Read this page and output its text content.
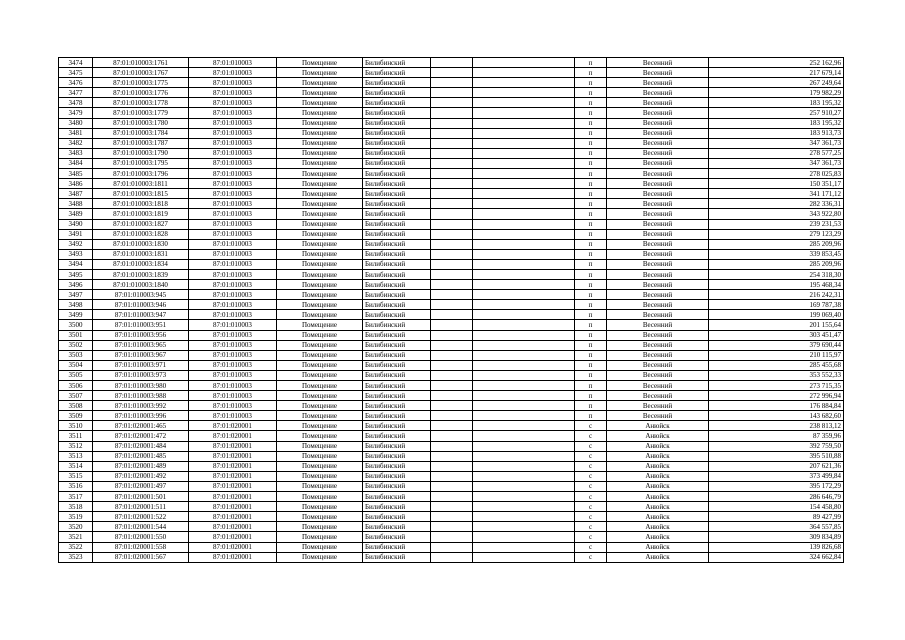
3474	87:01:010003:1761	87:01:010003	Помещение	Билибинский			п	Весенний	252 162,96
3475	87:01:010003:1767	87:01:010003	Помещение	Билибинский			п	Весенний	217 679,14
3476	87:01:010003:1775	87:01:010003	Помещение	Билибинский			п	Весенний	267 249,64
3477	87:01:010003:1776	87:01:010003	Помещение	Билибинский			п	Весенний	179 982,29
3478	87:01:010003:1778	87:01:010003	Помещение	Билибинский			п	Весенний	183 195,32
3479	87:01:010003:1779	87:01:010003	Помещение	Билибинский			п	Весенний	257 910,27
3480	87:01:010003:1780	87:01:010003	Помещение	Билибинский			п	Весенний	183 195,32
3481	87:01:010003:1784	87:01:010003	Помещение	Билибинский			п	Весенний	183 913,73
3482	87:01:010003:1787	87:01:010003	Помещение	Билибинский			п	Весенний	347 361,73
3483	87:01:010003:1790	87:01:010003	Помещение	Билибинский			п	Весенний	278 577,25
3484	87:01:010003:1795	87:01:010003	Помещение	Билибинский			п	Весенний	347 361,73
3485	87:01:010003:1796	87:01:010003	Помещение	Билибинский			п	Весенний	278 025,83
3486	87:01:010003:1811	87:01:010003	Помещение	Билибинский			п	Весенний	150 351,17
3487	87:01:010003:1815	87:01:010003	Помещение	Билибинский			п	Весенний	341 171,12
3488	87:01:010003:1818	87:01:010003	Помещение	Билибинский			п	Весенний	282 336,31
3489	87:01:010003:1819	87:01:010003	Помещение	Билибинский			п	Весенний	343 922,80
3490	87:01:010003:1827	87:01:010003	Помещение	Билибинский			п	Весенний	239 231,53
3491	87:01:010003:1828	87:01:010003	Помещение	Билибинский			п	Весенний	279 123,29
3492	87:01:010003:1830	87:01:010003	Помещение	Билибинский			п	Весенний	285 209,96
3493	87:01:010003:1831	87:01:010003	Помещение	Билибинский			п	Весенний	339 853,45
3494	87:01:010003:1834	87:01:010003	Помещение	Билибинский			п	Весенний	285 209,96
3495	87:01:010003:1839	87:01:010003	Помещение	Билибинский			п	Весенний	254 318,30
3496	87:01:010003:1840	87:01:010003	Помещение	Билибинский			п	Весенний	195 468,34
3497	87:01:010003:945	87:01:010003	Помещение	Билибинский			п	Весенний	216 242,31
3498	87:01:010003:946	87:01:010003	Помещение	Билибинский			п	Весенний	169 787,38
3499	87:01:010003:947	87:01:010003	Помещение	Билибинский			п	Весенний	199 069,40
3500	87:01:010003:951	87:01:010003	Помещение	Билибинский			п	Весенний	201 155,64
3501	87:01:010003:956	87:01:010003	Помещение	Билибинский			п	Весенний	303 451,47
3502	87:01:010003:965	87:01:010003	Помещение	Билибинский			п	Весенний	379 690,44
3503	87:01:010003:967	87:01:010003	Помещение	Билибинский			п	Весенний	210 115,97
3504	87:01:010003:971	87:01:010003	Помещение	Билибинский			п	Весенний	285 455,68
3505	87:01:010003:973	87:01:010003	Помещение	Билибинский			п	Весенний	353 552,33
3506	87:01:010003:980	87:01:010003	Помещение	Билибинский			п	Весенний	273 715,35
3507	87:01:010003:988	87:01:010003	Помещение	Билибинский			п	Весенний	272 996,94
3508	87:01:010003:992	87:01:010003	Помещение	Билибинский			п	Весенний	176 884,84
3509	87:01:010003:996	87:01:010003	Помещение	Билибинский			п	Весенний	143 682,60
3510	87:01:020001:465	87:01:020001	Помещение	Билибинский			с	Анюйск	238 813,12
3511	87:01:020001:472	87:01:020001	Помещение	Билибинский			с	Анюйск	87 359,96
3512	87:01:020001:484	87:01:020001	Помещение	Билибинский			с	Анюйск	392 759,50
3513	87:01:020001:485	87:01:020001	Помещение	Билибинский			с	Анюйск	395 510,88
3514	87:01:020001:489	87:01:020001	Помещение	Билибинский			с	Анюйск	207 621,36
3515	87:01:020001:492	87:01:020001	Помещение	Билибинский			с	Анюйск	373 499,84
3516	87:01:020001:497	87:01:020001	Помещение	Билибинский			с	Анюйск	395 172,29
3517	87:01:020001:501	87:01:020001	Помещение	Билибинский			с	Анюйск	286 646,79
3518	87:01:020001:511	87:01:020001	Помещение	Билибинский			с	Анюйск	154 458,80
3519	87:01:020001:522	87:01:020001	Помещение	Билибинский			с	Анюйск	89 427,99
3520	87:01:020001:544	87:01:020001	Помещение	Билибинский			с	Анюйск	364 557,85
3521	87:01:020001:550	87:01:020001	Помещение	Билибинский			с	Анюйск	309 834,89
3522	87:01:020001:558	87:01:020001	Помещение	Билибинский			с	Анюйск	139 826,68
3523	87:01:020001:567	87:01:020001	Помещение	Билибинский			с	Анюйск	324 662,84
